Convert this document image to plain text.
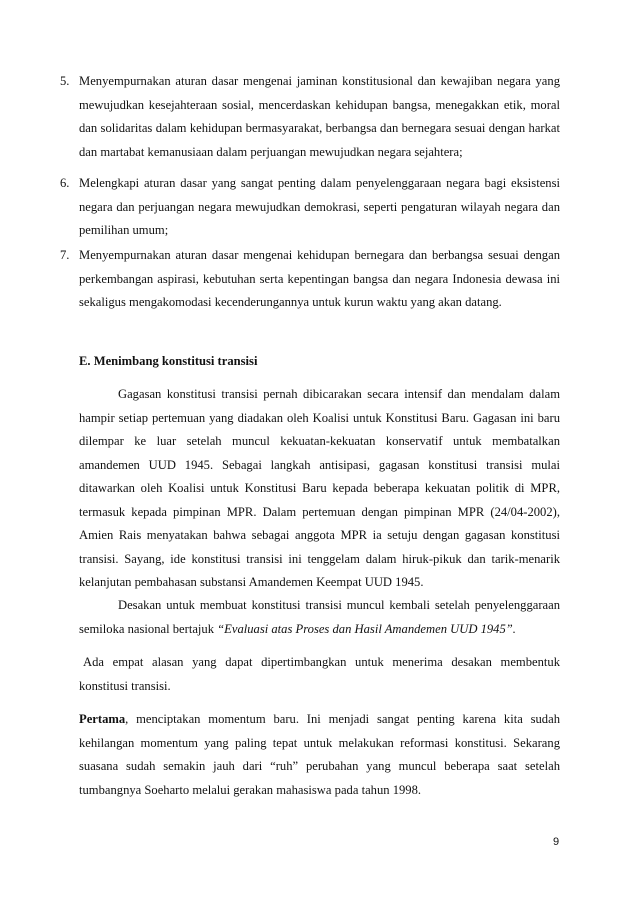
5. Menyempurnakan aturan dasar mengenai jaminan konstitusional dan kewajiban negara yang mewujudkan kesejahteraan sosial, mencerdaskan kehidupan bangsa, menegakkan etik, moral dan solidaritas dalam kehidupan bermasyarakat, berbangsa dan bernegara sesuai dengan harkat dan martabat kemanusiaan dalam perjuangan mewujudkan negara sejahtera;
6. Melengkapi aturan dasar yang sangat penting dalam penyelenggaraan negara bagi eksistensi negara dan perjuangan negara mewujudkan demokrasi, seperti pengaturan wilayah negara dan pemilihan umum;
7. Menyempurnakan aturan dasar mengenai kehidupan bernegara dan berbangsa sesuai dengan perkembangan aspirasi, kebutuhan serta kepentingan bangsa dan negara Indonesia dewasa ini sekaligus mengakomodasi kecenderungannya untuk kurun waktu yang akan datang.
E. Menimbang konstitusi transisi
Gagasan konstitusi transisi pernah dibicarakan secara intensif dan mendalam dalam hampir setiap pertemuan yang diadakan oleh Koalisi untuk Konstitusi Baru. Gagasan ini baru dilempar ke luar setelah muncul kekuatan-kekuatan konservatif untuk membatalkan amandemen UUD 1945. Sebagai langkah antisipasi, gagasan konstitusi transisi mulai ditawarkan oleh Koalisi untuk Konstitusi Baru kepada beberapa kekuatan politik di MPR, termasuk kepada pimpinan MPR. Dalam pertemuan dengan pimpinan MPR (24/04-2002), Amien Rais menyatakan bahwa sebagai anggota MPR ia setuju dengan gagasan konstitusi transisi. Sayang, ide konstitusi transisi ini tenggelam dalam hiruk-pikuk dan tarik-menarik kelanjutan pembahasan substansi Amandemen Keempat UUD 1945.
Desakan untuk membuat konstitusi transisi muncul kembali setelah penyelenggaraan semiloka nasional bertajuk “Evaluasi atas Proses dan Hasil Amandemen UUD 1945”.
Ada empat alasan yang dapat dipertimbangkan untuk menerima desakan membentuk konstitusi transisi.
Pertama, menciptakan momentum baru. Ini menjadi sangat penting karena kita sudah kehilangan momentum yang paling tepat untuk melakukan reformasi konstitusi. Sekarang suasana sudah semakin jauh dari “ruh” perubahan yang muncul beberapa saat setelah tumbangnya Soeharto melalui gerakan mahasiswa pada tahun 1998.
9
